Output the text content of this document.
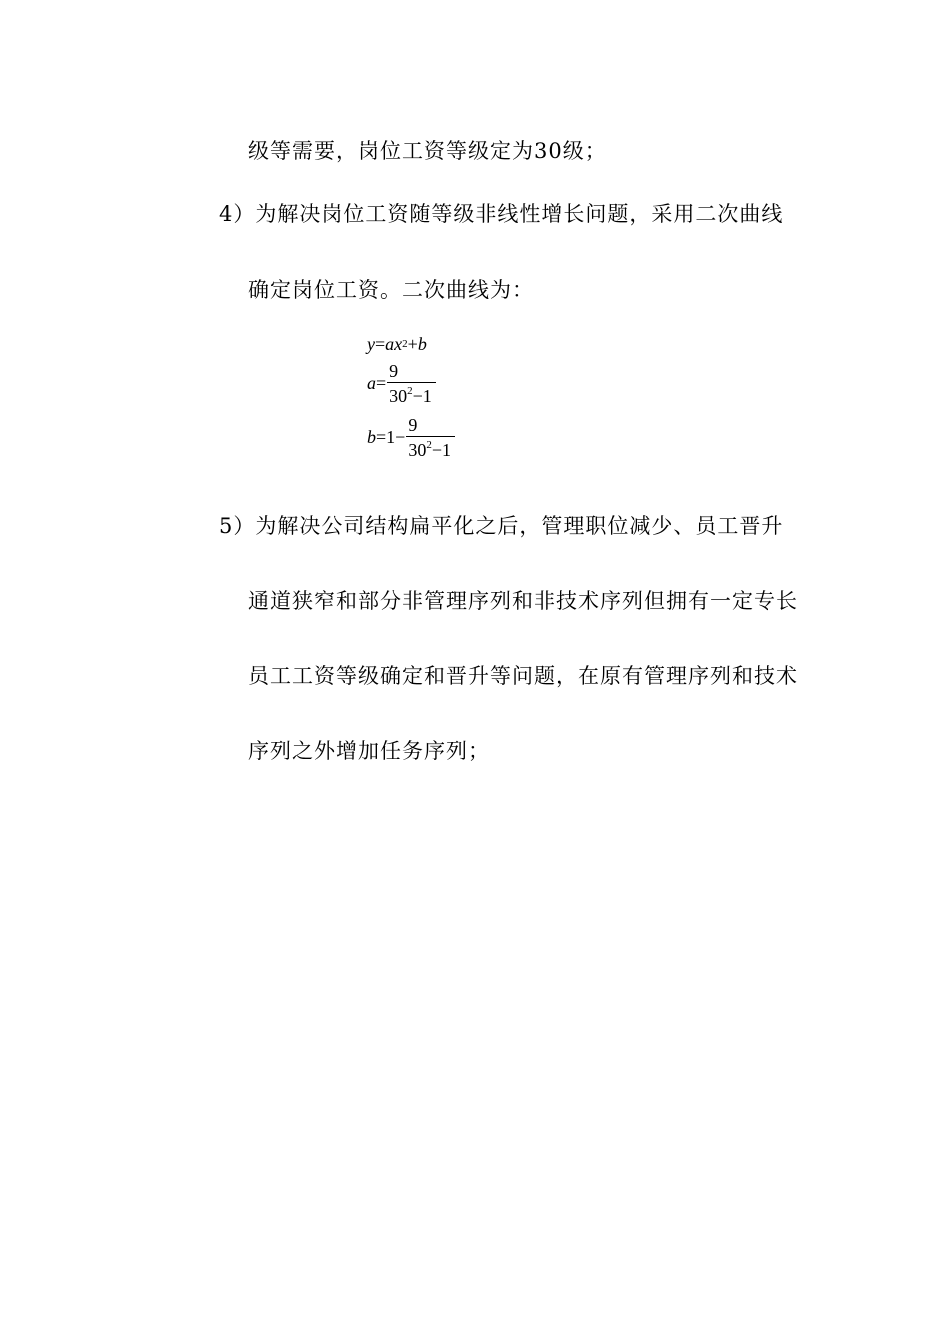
级等需要，岗位工资等级定为30级；
4）为解决岗位工资随等级非线性增长问题，采用二次曲线
确定岗位工资。二次曲线为：
y = a x 2 + b
$a = \frac{9}{30^2-1}$
$b = 1- \frac{9}{30^2-1}$
5）为解决公司结构扁平化之后，管理职位减少、员工晋升
通道狭窄和部分非管理序列和非技术序列但拥有一定专长
员工工资等级确定和晋升等问题，在原有管理序列和技术
序列之外增加任务序列；
